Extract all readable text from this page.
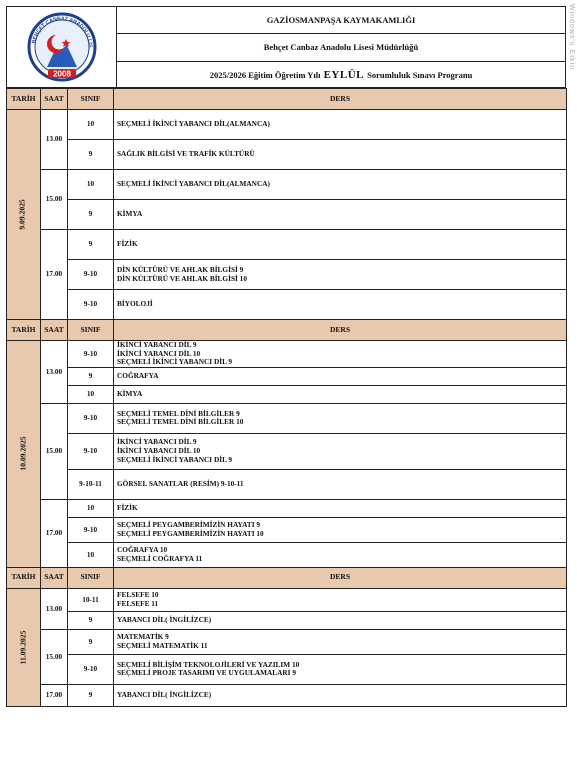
Windows'u Etkin
2008
BEHÇET CANBAZ ANADOLU LİS
GAZİOSMANPAŞA KAYMAKAMLIĞI
Behçet Canbaz Anadolu Lisesi Müdürlüğü
2025/2026 Eğitim Öğretim Yılı
EYLÜL
Sorumluluk Sınavı Programı
TARİH	SAAT	SINIF	DERS
9.09.2025	13.00	10	SEÇMELİ İKİNCİ YABANCI DİL(ALMANCA)

		9	SAĞLIK BİLGİSİ VE TRAFİK KÜLTÜRÜ

	15.00	10	SEÇMELİ İKİNCİ YABANCI DİL(ALMANCA)

		9	KİMYA

	17.00	9	FİZİK

		9-10	DİN KÜLTÜRÜ VE AHLAK BİLGİSİ 9
DİN KÜLTÜRÜ VE AHLAK BİLGİSİ 10

		9-10	BİYOLOJİ

TARİH	SAAT	SINIF	DERS
10.09.2025	13.00	9-10	İKİNCİ YABANCI DİL 9
İKİNCİ YABANCI DİL 10
SEÇMELİ İKİNCİ YABANCI DİL 9

		9	COĞRAFYA

		10	KİMYA

	15.00	9-10	SEÇMELİ TEMEL DİNİ BİLGİLER 9
SEÇMELİ TEMEL DİNİ BİLGİLER 10

		9-10	İKİNCİ YABANCI DİL 9
İKİNCİ YABANCI DİL 10
SEÇMELİ İKİNCİ YABANCI DİL 9

		9-10-11	GÖRSEL SANATLAR (RESİM) 9-10-11

	17.00	10	FİZİK

		9-10	SEÇMELİ PEYGAMBERİMİZİN HAYATI 9
SEÇMELİ PEYGAMBERİMİZİN HAYATI 10

		10	COĞRAFYA 10
SEÇMELİ COĞRAFYA 11

TARİH	SAAT	SINIF	DERS
11.09.2025	13.00	10-11	FELSEFE 10
FELSEFE 11

		9	YABANCI DİL( İNGİLİZCE)

	15.00	9	MATEMATİK 9
SEÇMELİ MATEMATİK 11

		9-10	SEÇMELİ BİLİŞİM TEKNOLOJİLERİ VE YAZILIM 10
SEÇMELİ PROJE TASARIMI VE UYGULAMALARI 9

	17.00	9	YABANCI DİL( İNGİLİZCE)
